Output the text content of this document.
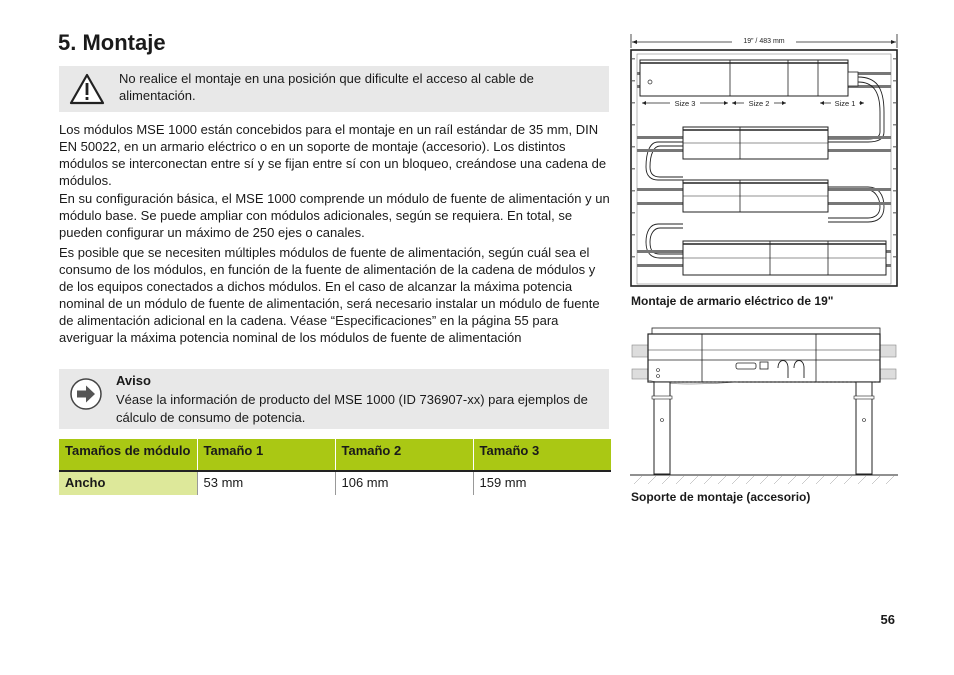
5. Montaje
No realice el montaje en una posición que dificulte el acceso al cable de alimentación.

Los módulos MSE 1000 están concebidos para el montaje en un raíl estándar de 35 mm, DIN EN 50022, en un armario eléctrico o en un soporte de montaje (accesorio). Los distintos módulos se interconectan entre sí y se fijan entre sí con un bloqueo, creándose una cadena de módulos.

En su configuración básica, el MSE 1000 comprende un módulo de fuente de alimentación y un módulo base. Se puede ampliar con módulos adicionales, según se requiera. En total, se pueden configurar un máximo de 250 ejes o canales.

Es posible que se necesiten múltiples módulos de fuente de alimentación, según cuál sea el consumo de los módulos, en función de la fuente de alimentación de la cadena de módulos y de los equipos conectados a dichos módulos. En el caso de alcanzar la máxima potencia nominal de un módulo de fuente de alimentación, será necesario instalar un módulo de fuente de alimentación adicional en la cadena. Véase “Especificaciones” en la página 55 para averiguar la máxima potencia nominal de los módulos de fuente de alimentación

Aviso
Véase la información de producto del MSE 1000 (ID 736907-xx) para ejemplos de cálculo de consumo de potencia.
Tamaños de módulo	Tamaño 1	Tamaño 2	Tamaño 3
Ancho	53 mm	106 mm	159 mm
19” / 483 mm
Size 3	Size 2	Size 1
Montaje de armario eléctrico de 19"
Soporte de montaje (accesorio)
56
